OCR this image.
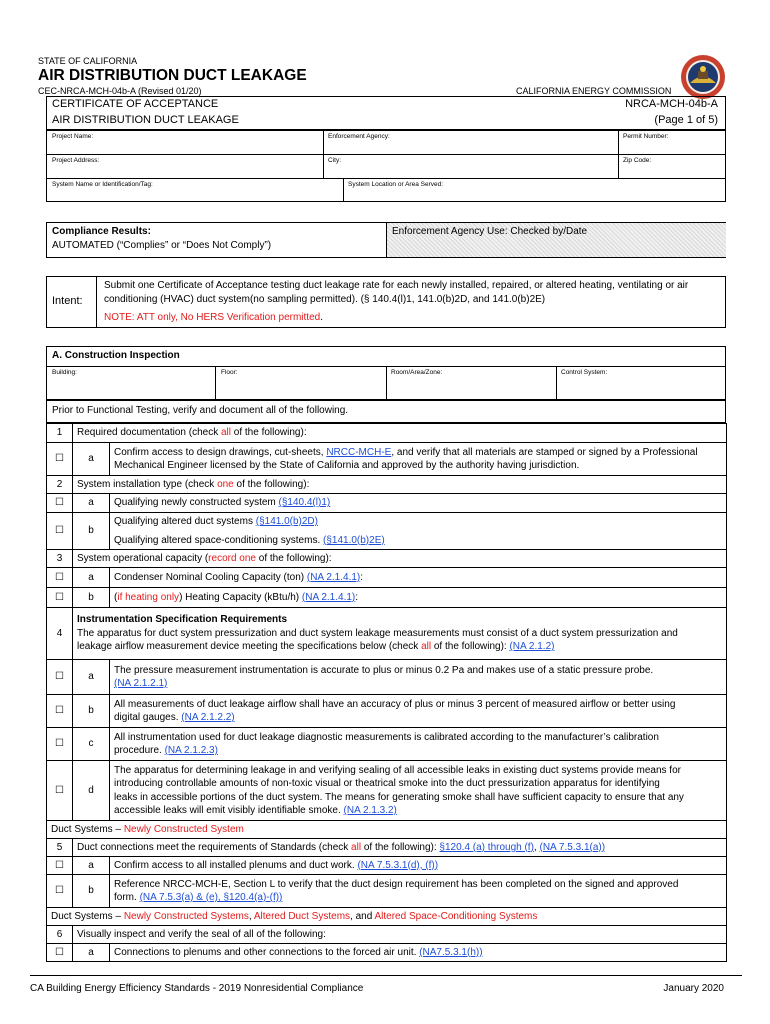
STATE OF CALIFORNIA
AIR DISTRIBUTION DUCT LEAKAGE
CEC-NRCA-MCH-04b-A (Revised 01/20)	CALIFORNIA ENERGY COMMISSION
CERTIFICATE OF ACCEPTANCE
AIR DISTRIBUTION DUCT LEAKAGE
NRCA-MCH-04b-A
(Page 1 of 5)
Project Name:	Enforcement Agency:	Permit Number:
Project Address:	City:	Zip Code:
System Name or Identification/Tag:	System Location or Area Served:
Compliance Results:
AUTOMATED (“Complies” or “Does Not Comply”)
Enforcement Agency Use: Checked by/Date
Intent:
Submit one Certificate of Acceptance testing duct leakage rate for each newly installed, repaired, or altered heating, ventilating or air
conditioning (HVAC) duct system(no sampling permitted). (§ 140.4(l)1, 141.0(b)2D, and 141.0(b)2E)
NOTE: ATT only, No HERS Verification permitted.
A. Construction Inspection
Building:	Floor:	Room/Area/Zone:	Control System:
Prior to Functional Testing, verify and document all of the following.
1	Required documentation (check all of the following):	
☐	a	Confirm access to design drawings, cut-sheets, NRCC-MCH-E, and verify that all materials are stamped or signed by a Professional
Mechanical Engineer licensed by the State of California and approved by the authority having jurisdiction.
2	System installation type (check one of the following):	
☐	a	Qualifying newly constructed system (§140.4(l)1)
☐	b	Qualifying altered duct systems (§141.0(b)2D)
Qualifying altered space-conditioning systems. (§141.0(b)2E)
3	System operational capacity (record one of the following):	
☐	a	Condenser Nominal Cooling Capacity (ton) (NA 2.1.4.1):
☐	b	(if heating only) Heating Capacity (kBtu/h) (NA 2.1.4.1):
4	Instrumentation Specification Requirements
The apparatus for duct system pressurization and duct system leakage measurements must consist of a duct system pressurization and
leakage airflow measurement device meeting the specifications below (check all of the following): (NA 2.1.2)	
☐	a	The pressure measurement instrumentation is accurate to plus or minus 0.2 Pa and makes use of a static pressure probe.
(NA 2.1.2.1)
☐	b	All measurements of duct leakage airflow shall have an accuracy of plus or minus 3 percent of measured airflow or better using
digital gauges. (NA 2.1.2.2)
☐	c	All instrumentation used for duct leakage diagnostic measurements is calibrated according to the manufacturer’s calibration
procedure. (NA 2.1.2.3)
☐	d	The apparatus for determining leakage in and verifying sealing of all accessible leaks in existing duct systems provide means for
introducing controllable amounts of non-toxic visual or theatrical smoke into the duct pressurization apparatus for identifying
leaks in accessible portions of the duct system. The means for generating smoke shall have sufficient capacity to ensure that any
accessible leaks will emit visibly identifiable smoke. (NA 2.1.3.2)
Duct Systems – Newly Constructed System		
5	Duct connections meet the requirements of Standards (check all of the following): §120.4 (a) through (f), (NA 7.5.3.1(a))	
☐	a	Confirm access to all installed plenums and duct work. (NA 7.5.3.1(d), (f))
☐	b	Reference NRCC-MCH-E, Section L to verify that the duct design requirement has been completed on the signed and approved
form. (NA 7.5.3(a) & (e), §120.4(a)-(f))
Duct Systems – Newly Constructed Systems, Altered Duct Systems, and Altered Space-Conditioning Systems		
6	Visually inspect and verify the seal of all of the following:	
☐	a	Connections to plenums and other connections to the forced air unit. (NA7.5.3.1(h))
CA Building Energy Efficiency Standards - 2019 Nonresidential Compliance	January 2020
